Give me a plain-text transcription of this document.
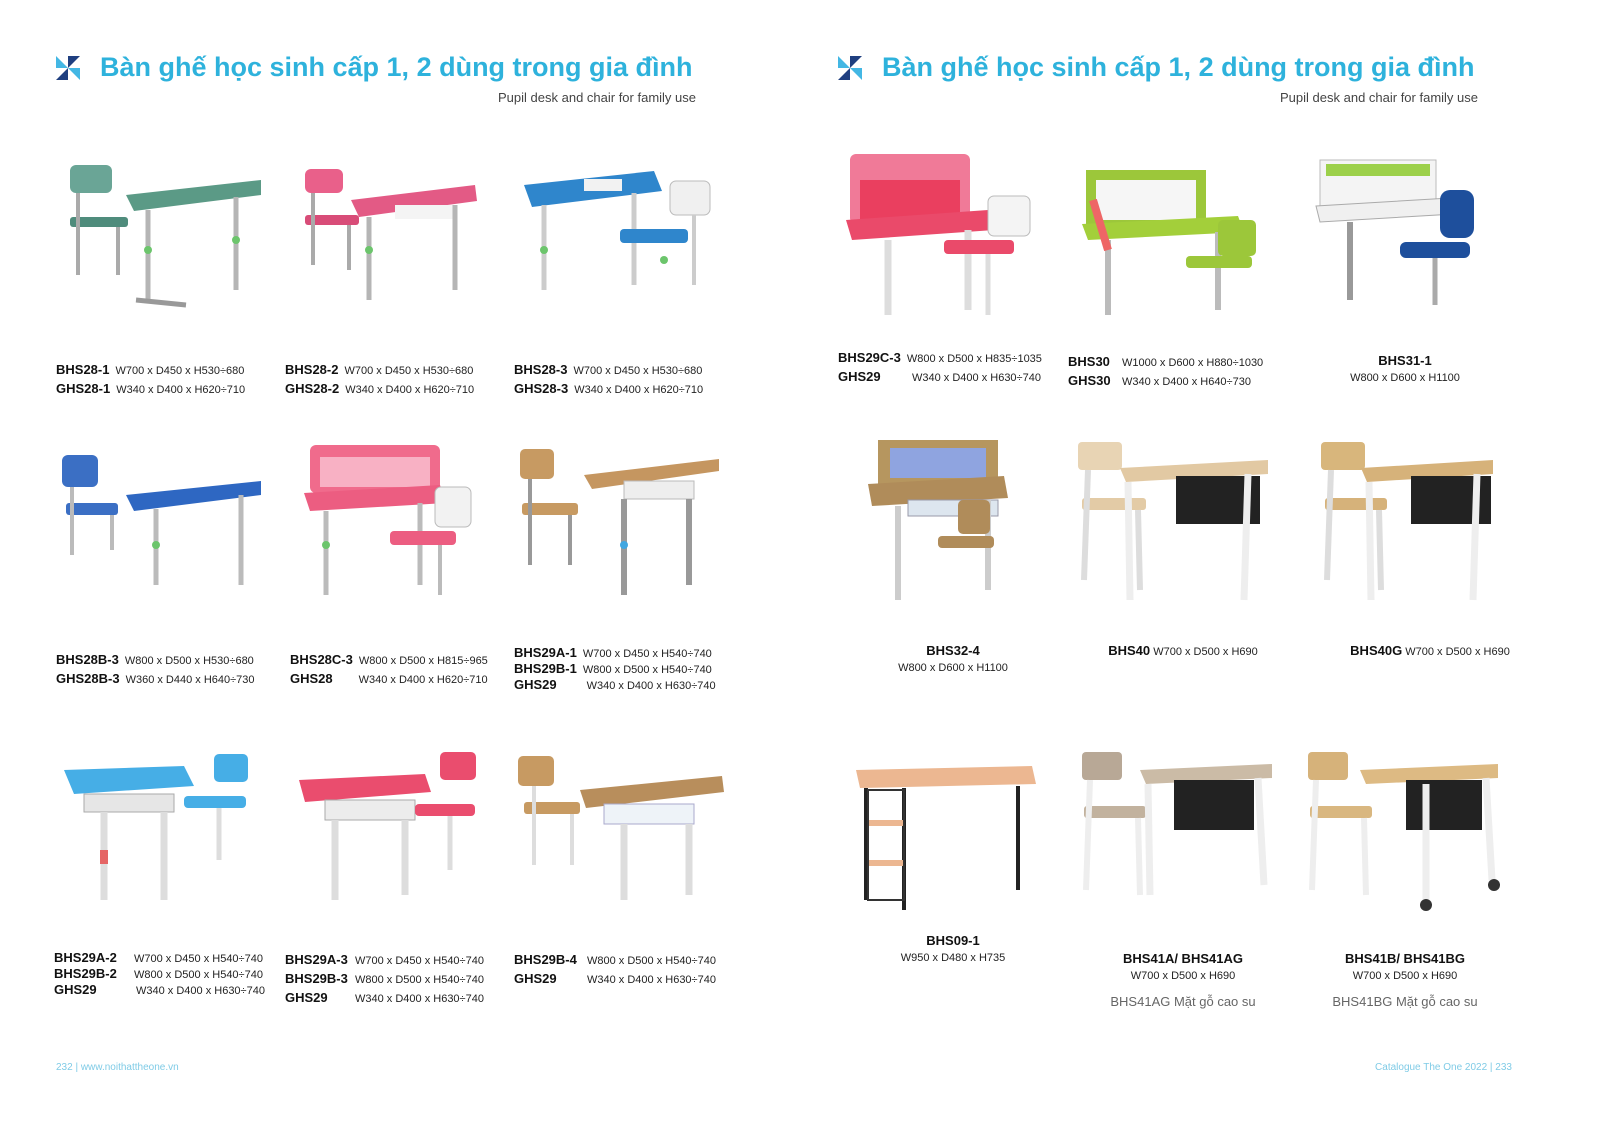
Bàn ghế học sinh cấp 1, 2 dùng trong gia đình
Pupil desk and chair for family use
BHS28-1 W700 x D450 x H530÷680
GHS28-1 W340 x D400 x H620÷710
BHS28-2 W700 x D450 x H530÷680
GHS28-2 W340 x D400 x H620÷710
BHS28-3 W700 x D450 x H530÷680
GHS28-3 W340 x D400 x H620÷710
BHS28B-3 W800 x D500 x H530÷680
GHS28B-3 W360 x D440 x H640÷730
BHS28C-3 W800 x D500 x H815÷965
GHS28 W340 x D400 x H620÷710
BHS29A-1 W700 x D450 x H540÷740
BHS29B-1 W800 x D500 x H540÷740
GHS29	W340 x D400 x H630÷740
BHS29A-2 W700 x D450 x H540÷740
BHS29B-2 W800 x D500 x H540÷740
GHS29	W340 x D400 x H630÷740
BHS29A-3 W700 x D450 x H540÷740
BHS29B-3 W800 x D500 x H540÷740
GHS29 W340 x D400 x H630÷740
BHS29B-4 W800 x D500 x H540÷740
GHS29	W340 x D400 x H630÷740
232 | www.noithattheone.vn
Bàn ghế học sinh cấp 1, 2 dùng trong gia đình
Pupil desk and chair for family use
BHS29C-3 W800 x D500 x H835÷1035
GHS29	W340 x D400 x H630÷740
BHS30 W1000 x D600 x H880÷1030
GHS30 W340 x D400 x H640÷730
BHS31-1
W800 x D600 x H1100
BHS32-4
W800 x D600 x H1100
BHS40 W700 x D500 x H690	BHS40G W700 x D500 x H690
BHS09-1
W950 x D480 x H735	BHS41A/ BHS41AG
W700 x D500 x H690
BHS41AG Mặt gỗ cao su
BHS41B/ BHS41BG
W700 x D500 x H690
BHS41BG Mặt gỗ cao su
Catalogue The One 2022 | 233
